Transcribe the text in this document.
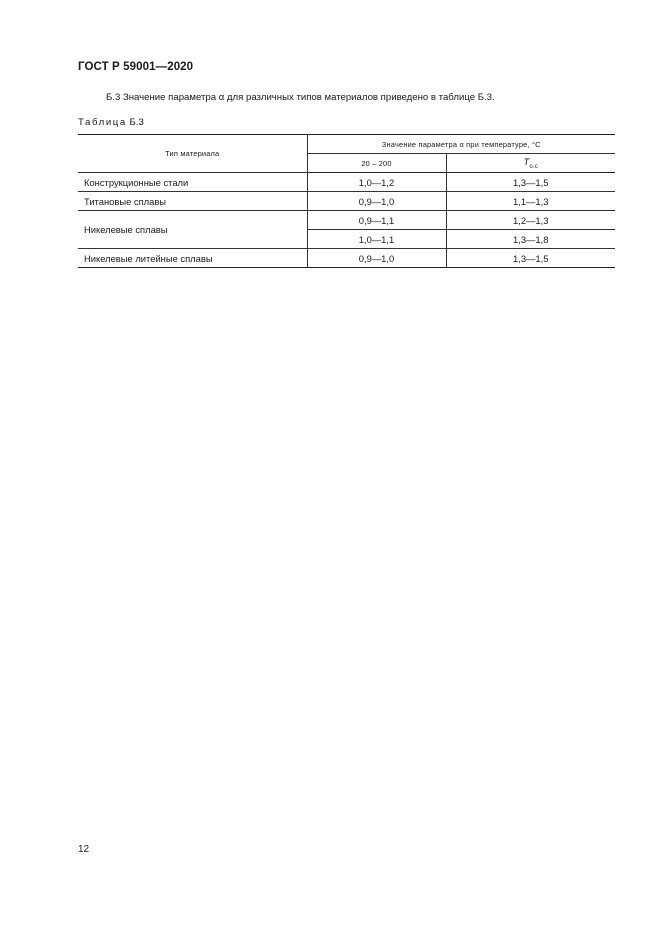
ГОСТ Р 59001—2020
Б.3 Значение параметра α для различных типов материалов приведено в таблице Б.3.
Таблица Б.3
Тип материала	Значение параметра α при температуре, °С	
	20 – 200	$T_{о.с}$
Конструкционные стали	1,0—1,2	1,3—1,5
Титановые сплавы	0,9—1,0	1,1—1,3
Никелевые сплавы	0,9—1,1	1,2—1,3
	1,0—1,1	1,3—1,8
Никелевые литейные сплавы	0,9—1,0	1,3—1,5
12
